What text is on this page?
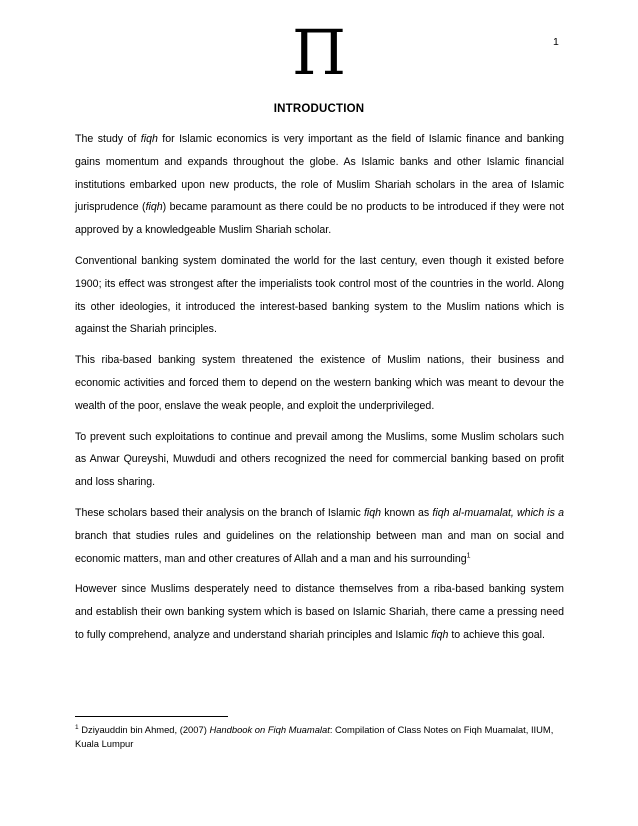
1
Π
INTRODUCTION

The study of fiqh for Islamic economics is very important as the field of Islamic finance and banking gains momentum and expands throughout the globe. As Islamic banks and other Islamic financial institutions embarked upon new products, the role of Muslim Shariah scholars in the area of Islamic jurisprudence (fiqh) became paramount as there could be no products to be introduced if they were not approved by a knowledgeable Muslim Shariah scholar.

Conventional banking system dominated the world for the last century, even though it existed before 1900; its effect was strongest after the imperialists took control most of the countries in the world. Along its other ideologies, it introduced the interest-based banking system to the Muslim nations which is against the Shariah principles.

This riba-based banking system threatened the existence of Muslim nations, their business and economic activities and forced them to depend on the western banking which was meant to devour the wealth of the poor, enslave the weak people, and exploit the underprivileged.

To prevent such exploitations to continue and prevail among the Muslims, some Muslim scholars such as Anwar Qureyshi, Muwdudi and others recognized the need for commercial banking based on profit and loss sharing.

These scholars based their analysis on the branch of Islamic fiqh known as fiqh al-muamalat, which is a branch that studies rules and guidelines on the relationship between man and man on social and economic matters, man and other creatures of Allah and a man and his surrounding$^1$

However since Muslims desperately need to distance themselves from a riba-based banking system and establish their own banking system which is based on Islamic Shariah, there came a pressing need to fully comprehend, analyze and understand shariah principles and Islamic fiqh to achieve this goal.

$^1$ Dziyauddin bin Ahmed, (2007) Handbook on Fiqh Muamalat: Compilation of Class Notes on Fiqh Muamalat, IIUM, Kuala Lumpur
